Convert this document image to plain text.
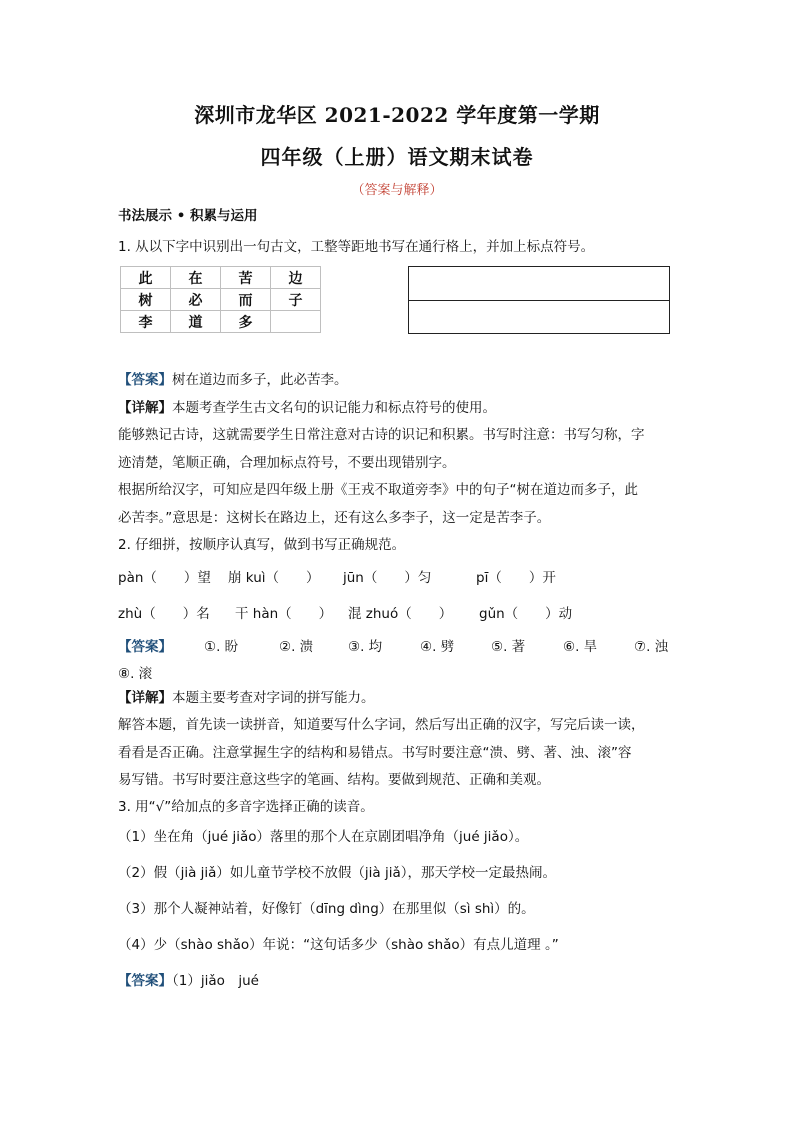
深圳市龙华区 2021-2022 学年度第一学期
四年级（上册）语文期末试卷
（答案与解释）
书法展示 • 积累与运用
1. 从以下字中识别出一句古文，工整等距地书写在通行格上，并加上标点符号。
此	在	苦	边
树	必	而	子
李	道	多	
【答案】树在道边而多子，此必苦李。
【详解】本题考查学生古文名句的识记能力和标点符号的使用。
能够熟记古诗，这就需要学生日常注意对古诗的识记和积累。书写时注意：书写匀称，字
迹清楚，笔顺正确，合理加标点符号，不要出现错别字。
根据所给汉字，可知应是四年级上册《王戎不取道旁李》中的句子“树在道边而多子，此
必苦李。”意思是：这树长在路边上，还有这么多李子，这一定是苦李子。
2. 仔细拼，按顺序认真写，做到书写正确规范。
pàn（　　）望 崩 kuì（　　） jūn（　　）匀	pī（　　）开
zhù（　　）名 干 hàn（　　） 混 zhuó（　　） gǔn（　　）动
【答案】 ①. 盼	②. 溃	③. 均	④. 劈	⑤. 著	⑥. 旱	⑦. 浊
⑧. 滚
【详解】本题主要考查对字词的拼写能力。
解答本题，首先读一读拼音，知道要写什么字词，然后写出正确的汉字，写完后读一读，
看看是否正确。注意掌握生字的结构和易错点。书写时要注意“溃、劈、著、浊、滚”容
易写错。书写时要注意这些字的笔画、结构。要做到规范、正确和美观。
3. 用“√”给加点的多音字选择正确的读音。
（1）坐在角（jué jiǎo）落里的那个人在京剧团唱净角（jué jiǎo）。
（2）假（jià jiǎ）如儿童节学校不放假（jià jiǎ），那天学校一定最热闹。
（3）那个人凝神站着，好像钉（dīng dìng）在那里似（sì shì）的。
（4）少（shào shǎo）年说：“这句话多少（shào shǎo）有点儿道理 。”
【答案】（1）jiǎo　jué
